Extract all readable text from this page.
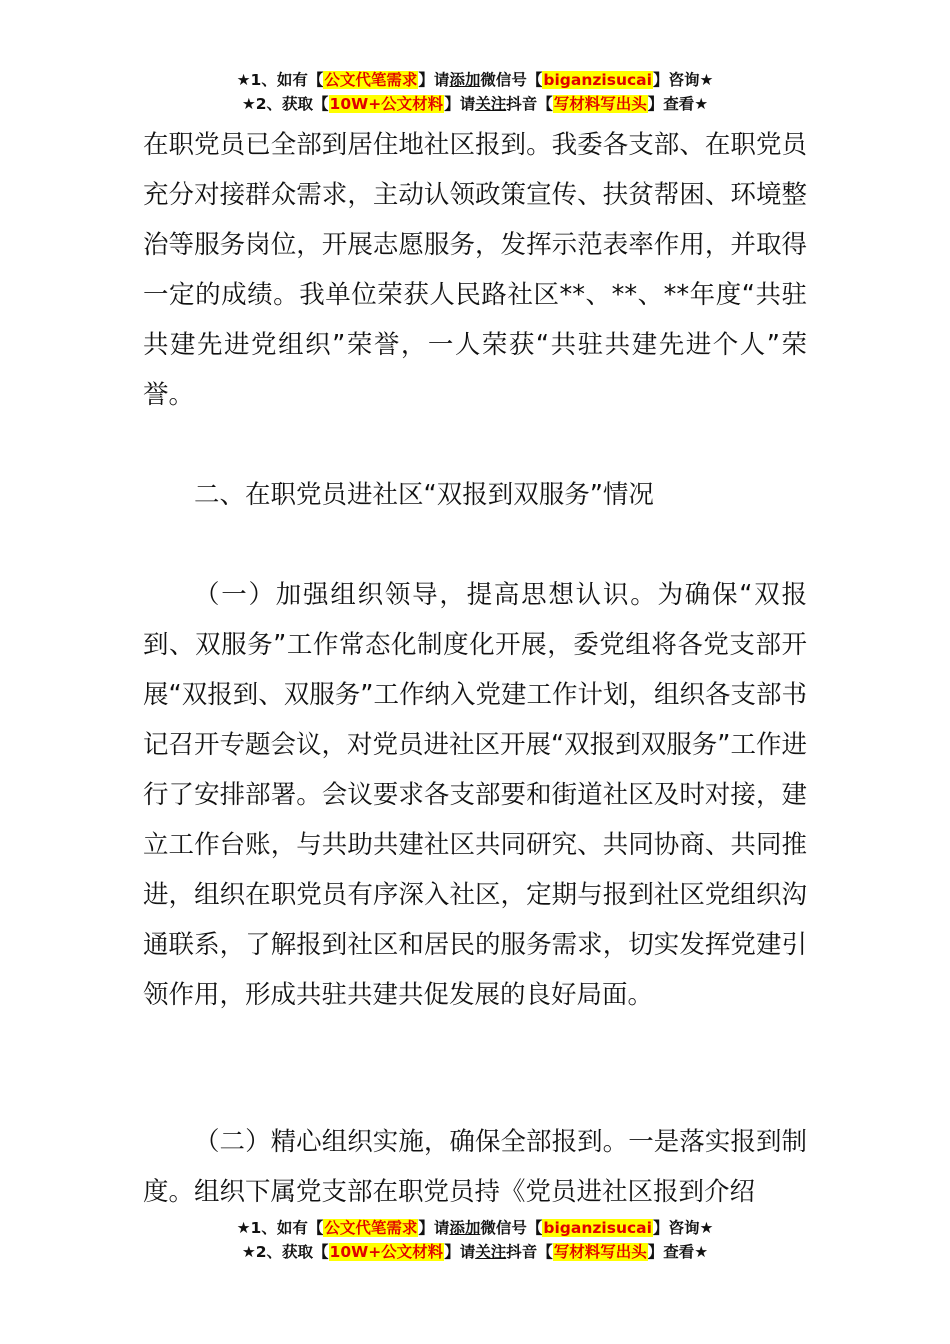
★1、如有【公文代笔需求】请添加微信号【biganzisucai】咨询★
★2、获取【10W+公文材料】请关注抖音【写材料写出头】查看★
在职党员已全部到居住地社区报到。我委各支部、在职党员充分对接群众需求，主动认领政策宣传、扶贫帮困、环境整治等服务岗位，开展志愿服务，发挥示范表率作用，并取得一定的成绩。我单位荣获人民路社区**、**、**年度“共驻共建先进党组织”荣誉，一人荣获“共驻共建先进个人”荣誉。
二、在职党员进社区“双报到双服务”情况
（一）加强组织领导，提高思想认识。为确保“双报到、双服务”工作常态化制度化开展，委党组将各党支部开展“双报到、双服务”工作纳入党建工作计划，组织各支部书记召开专题会议，对党员进社区开展“双报到双服务”工作进行了安排部署。会议要求各支部要和街道社区及时对接，建立工作台账，与共助共建社区共同研究、共同协商、共同推进，组织在职党员有序深入社区，定期与报到社区党组织沟通联系，了解报到社区和居民的服务需求，切实发挥党建引领作用，形成共驻共建共促发展的良好局面。
（二）精心组织实施，确保全部报到。一是落实报到制度。组织下属党支部在职党员持《党员进社区报到介绍
★1、如有【公文代笔需求】请添加微信号【biganzisucai】咨询★
★2、获取【10W+公文材料】请关注抖音【写材料写出头】查看★
